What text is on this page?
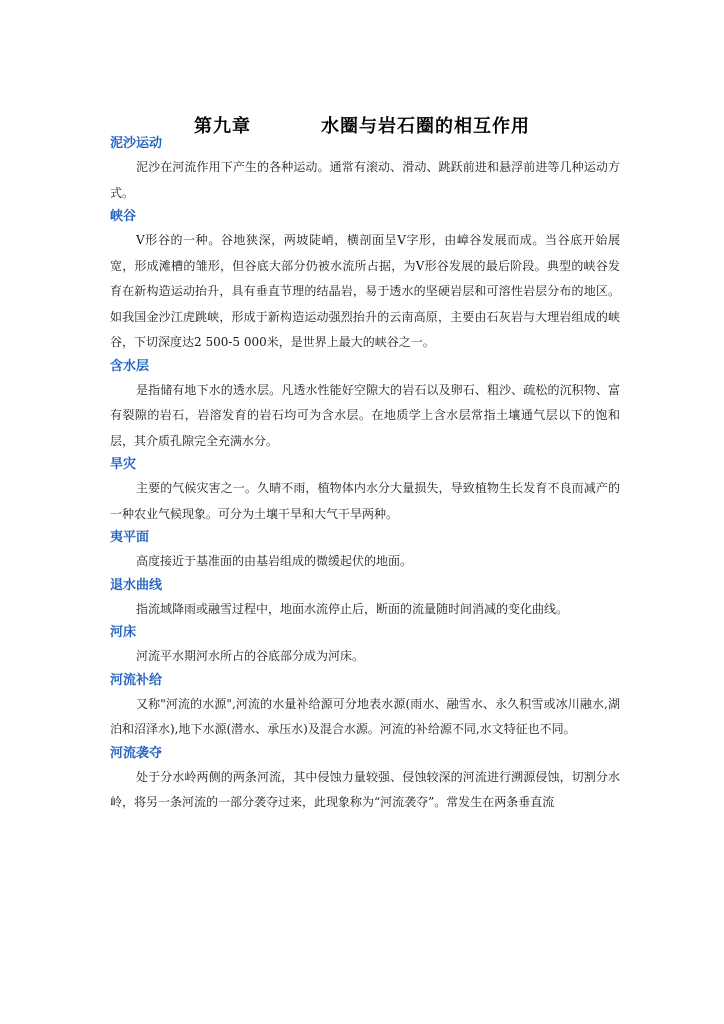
第九章	水圈与岩石圈的相互作用

泥沙运动

泥沙在河流作用下产生的各种运动。通常有滚动、滑动、跳跃前进和悬浮前进等几种运动方式。

峡谷

V形谷的一种。谷地狭深，两坡陡峭，横剖面呈V字形，由嶂谷发展而成。当谷底开始展宽，形成滩槽的雏形，但谷底大部分仍被水流所占据，为V形谷发展的最后阶段。典型的峡谷发育在新构造运动抬升，具有垂直节理的结晶岩，易于透水的坚硬岩层和可溶性岩层分布的地区。如我国金沙江虎跳峡，形成于新构造运动强烈抬升的云南高原，主要由石灰岩与大理岩组成的峡谷，下切深度达2 500-5 000米，是世界上最大的峡谷之一。

含水层

是指储有地下水的透水层。凡透水性能好空隙大的岩石以及卵石、粗沙、疏松的沉积物、富有裂隙的岩石，岩溶发育的岩石均可为含水层。在地质学上含水层常指土壤通气层以下的饱和层，其介质孔隙完全充满水分。

旱灾

主要的气候灾害之一。久晴不雨，植物体内水分大量损失，导致植物生长发育不良而减产的一种农业气候现象。可分为土壤干旱和大气干旱两种。

夷平面

高度接近于基准面的由基岩组成的微缓起伏的地面。

退水曲线

指流域降雨或融雪过程中，地面水流停止后，断面的流量随时间消减的变化曲线。

河床

河流平水期河水所占的谷底部分成为河床。

河流补给

又称"河流的水源",河流的水量补给源可分地表水源(雨水、融雪水、永久积雪或冰川融水,湖泊和沼泽水),地下水源(潜水、承压水)及混合水源。河流的补给源不同,水文特征也不同。

河流袭夺

处于分水岭两侧的两条河流，其中侵蚀力量较强、侵蚀较深的河流进行溯源侵蚀，切割分水岭，将另一条河流的一部分袭夺过来，此现象称为“河流袭夺”。常发生在两条垂直流
